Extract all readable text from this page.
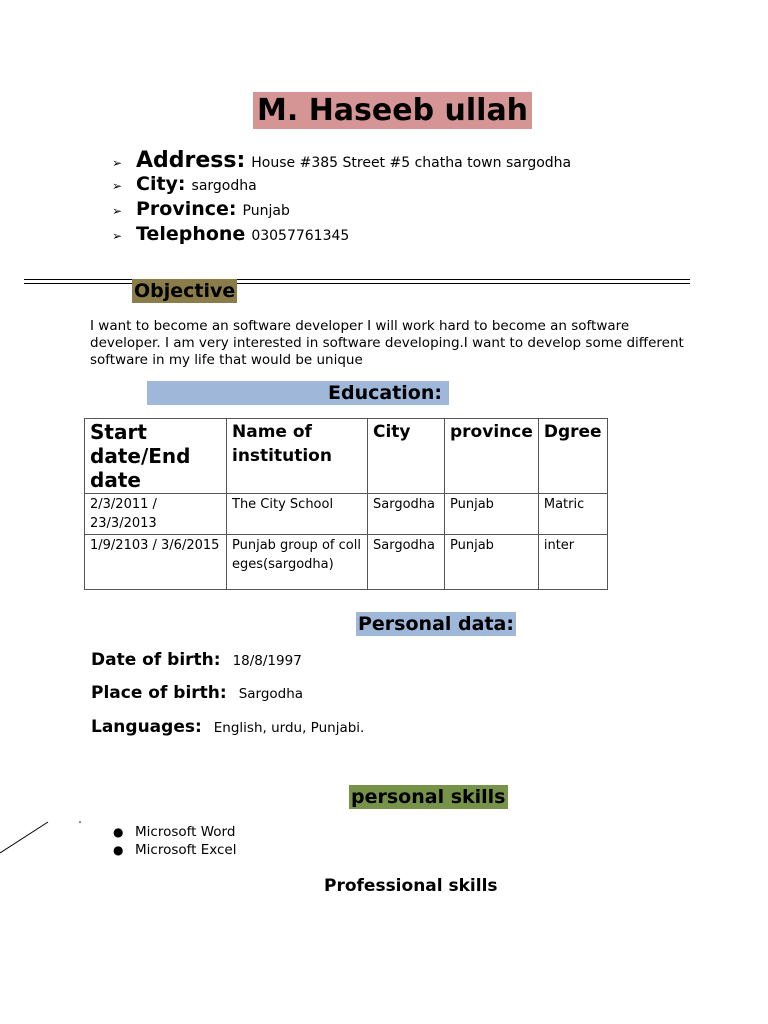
M. Haseeb ullah
➢ Address: House #385 Street #5 chatha town sargodha
➢ City: sargodha
➢ Province: Punjab
➢ Telephone 03057761345
Objective
I want to become an software developer I will work hard to become an software developer. I am very interested in software developing.I want to develop some different software in my life that would be unique
Education:
Start date/End date	Name of institution	City	province	Dgree
2/3/2011 / 23/3/2013	The City School	Sargodha	Punjab	Matric
1/9/2103 / 3/6/2015	Punjab group of colleges(sargodha)	Sargodha	Punjab	inter
Personal data:
Date of birth: 18/8/1997
Place of birth: Sargodha
Languages: English, urdu, Punjabi.
personal skills
● Microsoft Word
● Microsoft Excel
Professional skills
